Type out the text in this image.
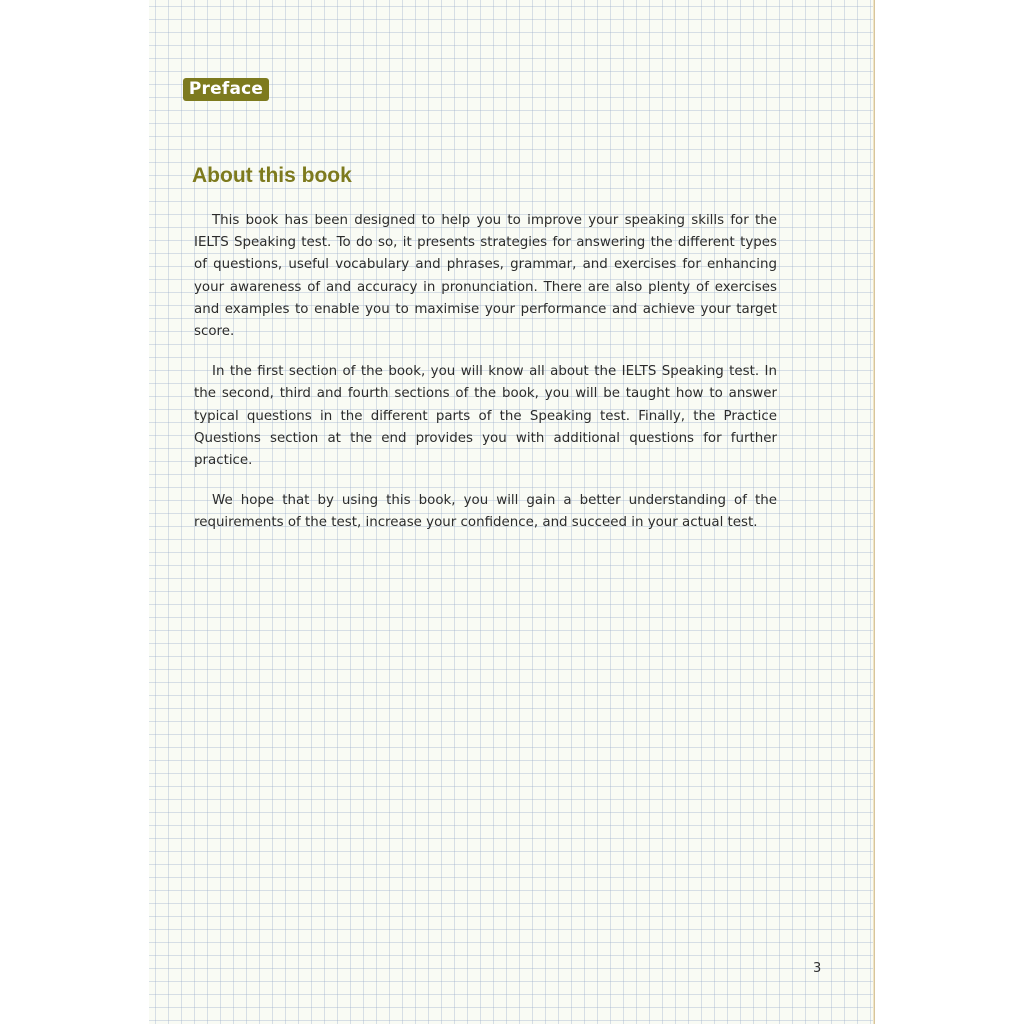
Preface
About this book

This book has been designed to help you to improve your speaking skills for the IELTS Speaking test. To do so, it presents strategies for answering the different types of questions, useful vocabulary and phrases, grammar, and exercises for enhancing your awareness of and accuracy in pronunciation. There are also plenty of exercises and examples to enable you to maximise your performance and achieve your target score.

In the first section of the book, you will know all about the IELTS Speaking test. In the second, third and fourth sections of the book, you will be taught how to answer typical questions in the different parts of the Speaking test. Finally, the Practice Questions section at the end provides you with additional questions for further practice.

We hope that by using this book, you will gain a better understanding of the requirements of the test, increase your confidence, and succeed in your actual test.

3
